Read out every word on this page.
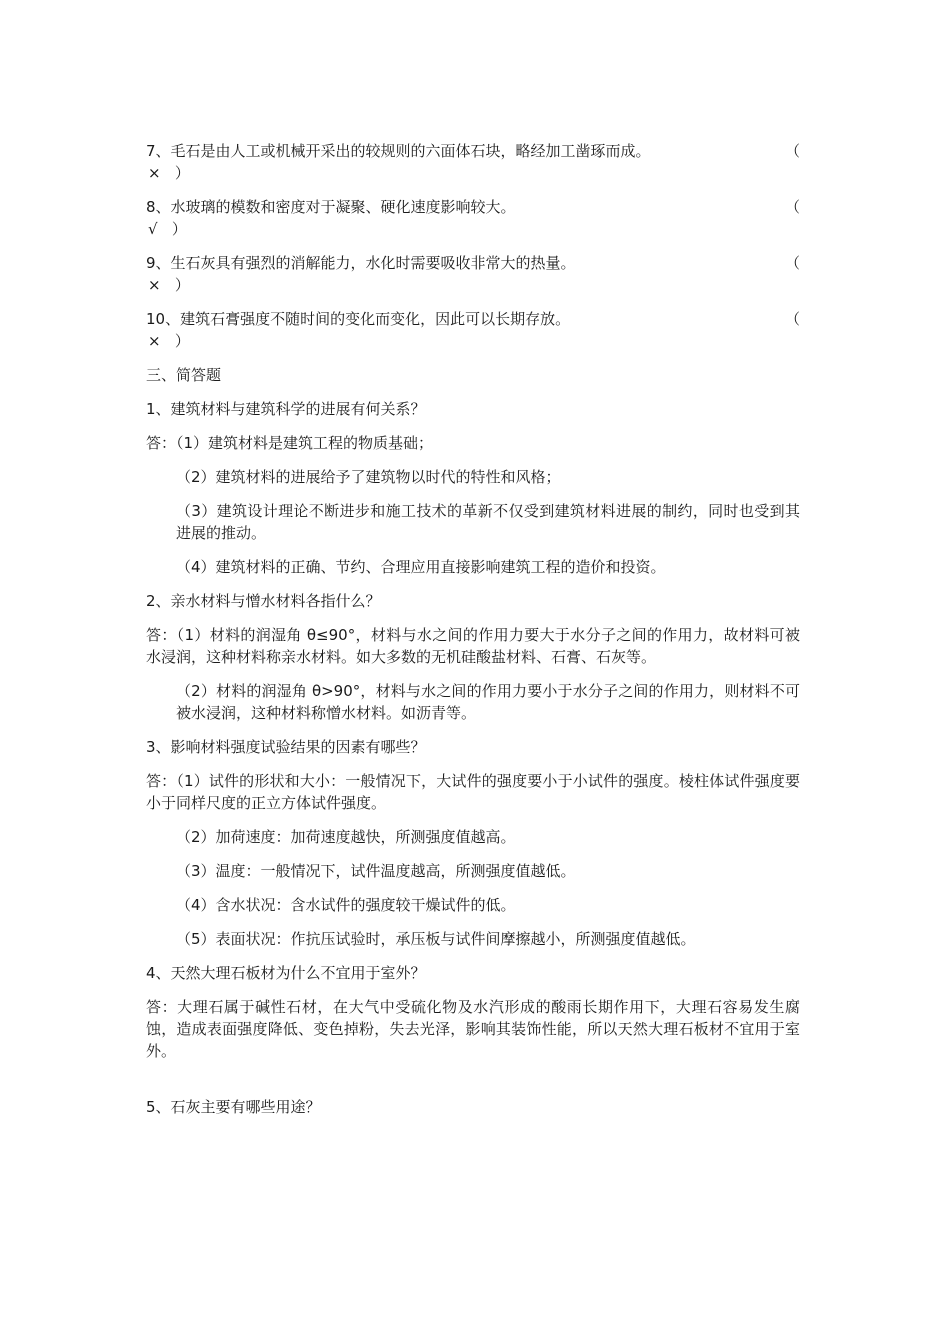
7、毛石是由人工或机械开采出的较规则的六面体石块，略经加工凿琢而成。	（
× ）
8、水玻璃的模数和密度对于凝聚、硬化速度影响较大。	（
√ ）
9、生石灰具有强烈的消解能力，水化时需要吸收非常大的热量。	（
× ）
10、建筑石膏强度不随时间的变化而变化，因此可以长期存放。	（
× ）
三、简答题
1、建筑材料与建筑科学的进展有何关系？
答：（1）建筑材料是建筑工程的物质基础；
（2）建筑材料的进展给予了建筑物以时代的特性和风格；
（3）建筑设计理论不断进步和施工技术的革新不仅受到建筑材料进展的制约，同时也受到其进展的推动。
（4）建筑材料的正确、节约、合理应用直接影响建筑工程的造价和投资。
2、亲水材料与憎水材料各指什么？
答：（1）材料的润湿角 θ≤90°，材料与水之间的作用力要大于水分子之间的作用力，故材料可被水浸润，这种材料称亲水材料。如大多数的无机硅酸盐材料、石膏、石灰等。
（2）材料的润湿角 θ>90°，材料与水之间的作用力要小于水分子之间的作用力，则材料不可被水浸润，这种材料称憎水材料。如沥青等。
3、影响材料强度试验结果的因素有哪些？
答：（1）试件的形状和大小：一般情况下，大试件的强度要小于小试件的强度。棱柱体试件强度要小于同样尺度的正立方体试件强度。
（2）加荷速度：加荷速度越快，所测强度值越高。
（3）温度：一般情况下，试件温度越高，所测强度值越低。
（4）含水状况：含水试件的强度较干燥试件的低。
（5）表面状况：作抗压试验时，承压板与试件间摩擦越小，所测强度值越低。
4、天然大理石板材为什么不宜用于室外？
答：大理石属于碱性石材，在大气中受硫化物及水汽形成的酸雨长期作用下，大理石容易发生腐蚀，造成表面强度降低、变色掉粉，失去光泽，影响其装饰性能，所以天然大理石板材不宜用于室外。
5、石灰主要有哪些用途？
